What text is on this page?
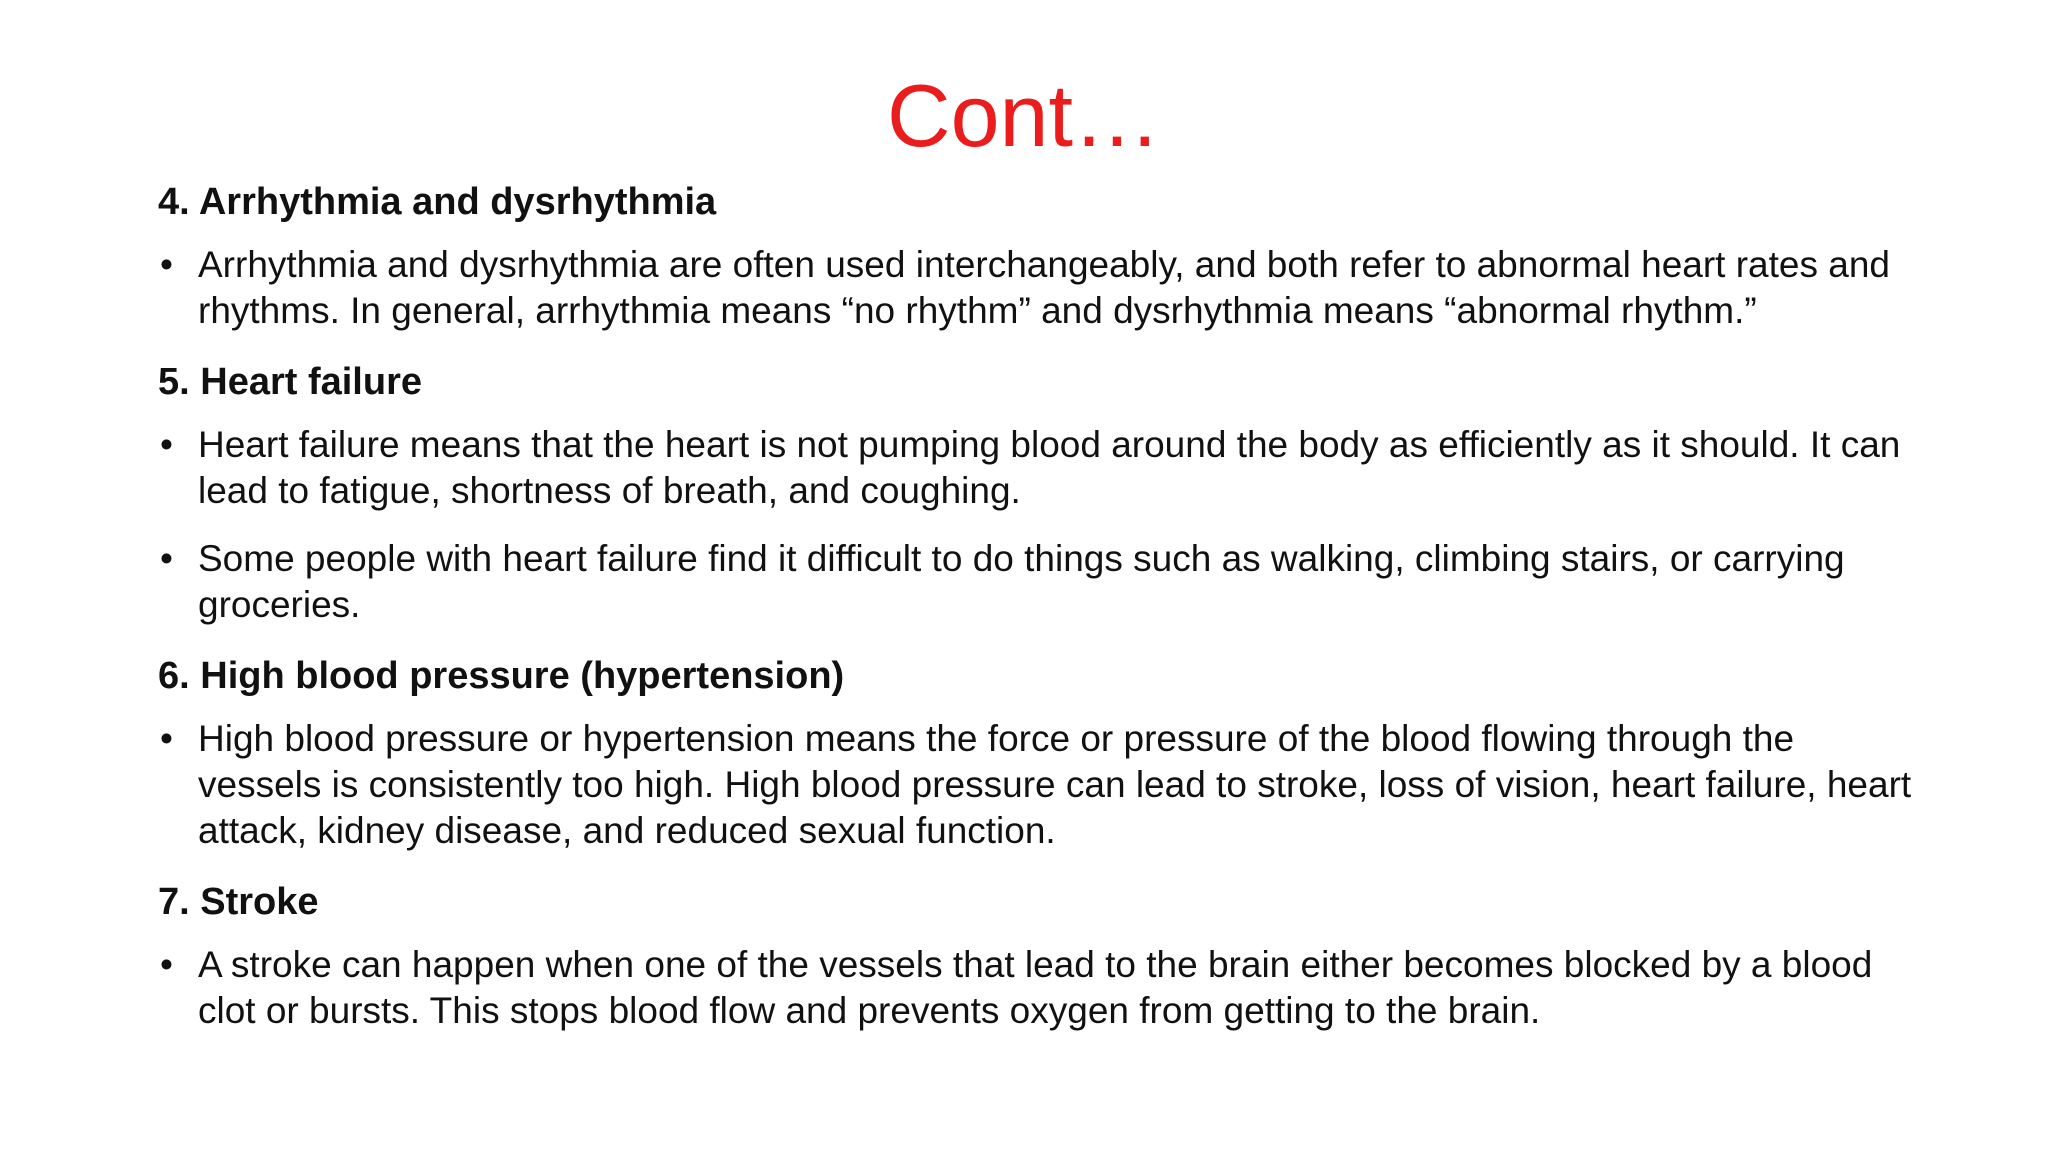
Cont…
4. Arrhythmia and dysrhythmia
• Arrhythmia and dysrhythmia are often used interchangeably, and both refer to abnormal heart rates and rhythms. In general, arrhythmia means “no rhythm” and dysrhythmia means “abnormal rhythm.”
5. Heart failure
• Heart failure means that the heart is not pumping blood around the body as efficiently as it should. It can lead to fatigue, shortness of breath, and coughing.
• Some people with heart failure find it difficult to do things such as walking, climbing stairs, or carrying groceries.
6. High blood pressure (hypertension)
• High blood pressure or hypertension means the force or pressure of the blood flowing through the vessels is consistently too high. High blood pressure can lead to stroke, loss of vision, heart failure, heart attack, kidney disease, and reduced sexual function.
7. Stroke
• A stroke can happen when one of the vessels that lead to the brain either becomes blocked by a blood clot or bursts. This stops blood flow and prevents oxygen from getting to the brain.
